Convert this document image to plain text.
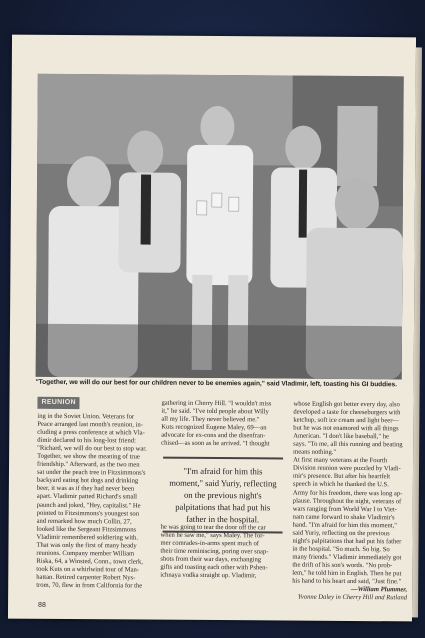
"Together, we will do our best for our children never to be enemies again," said Vladimir, left, toasting his GI buddies.
REUNION
ing in the Soviet Union. Veterans for
Peace arranged last month's reunion, in-
cluding a press conference at which Vla-
dimir declared to his long-lost friend:
"Richard, we will do our best to stop war.
Together, we show the meaning of true
friendship." Afterward, as the two men
sat under the peach tree in Fitzsimmons's
backyard eating hot dogs and drinking
beer, it was as if they had never been
apart. Vladimir patted Richard's small
paunch and joked, "Hey, capitalist." He
pointed to Fitzsimmons's youngest son
and remarked how much Collin, 27,
looked like the Sergeant Fitzsimmons
Vladimir remembered soldiering with.
That was only the first of many heady
reunions. Company member William
Riska, 64, a Winsted, Conn., town clerk,
took Kuts on a whirlwind tour of Man-
hattan. Retired carpenter Robert Nys-
trom, 70, flew in from California for the
gathering in Cherry Hill. "I wouldn't miss
it," he said. "I've told people about Willy
all my life. They never believed me."
Kuts recognized Eugene Maley, 69—an
advocate for ex-cons and the disenfran-
chised—as soon as he arrived. "I thought
"I'm afraid for him this
moment," said Yuriy, reflecting
on the previous night's
palpitations that had put his
father in the hospital.
he was going to tear the door off the car
when he saw me," says Maley. The for-
mer comrades-in-arms spent much of
their time reminiscing, poring over snap-
shots from their war days, exchanging
gifts and toasting each other with Pshen-
ichnaya vodka straight up. Vladimir,
whose English got better every day, also
developed a taste for cheeseburgers with
ketchup, soft ice cream and light beer—
but he was not enamored with all things
American. "I don't like baseball," he
says. "To me, all this running and beating
means nothing."
At first many veterans at the Fourth
Division reunion were puzzled by Vladi-
mir's presence. But after his heartfelt
speech in which he thanked the U.S.
Army for his freedom, there was long ap-
plause. Throughout the night, veterans of
wars ranging from World War I to Viet-
nam came forward to shake Vladimir's
hand. "I'm afraid for him this moment,"
said Yuriy, reflecting on the previous
night's palpitations that had put his father
in the hospital. "So much. So big. So
many friends." Vladimir immediately got
the drift of his son's words. "No prob-
lem," he told him in English. Then he put
his hand to his heart and said, "Just fine."
—William Plummer,
Yvonne Daley in Cherry Hill and Rutland
88
